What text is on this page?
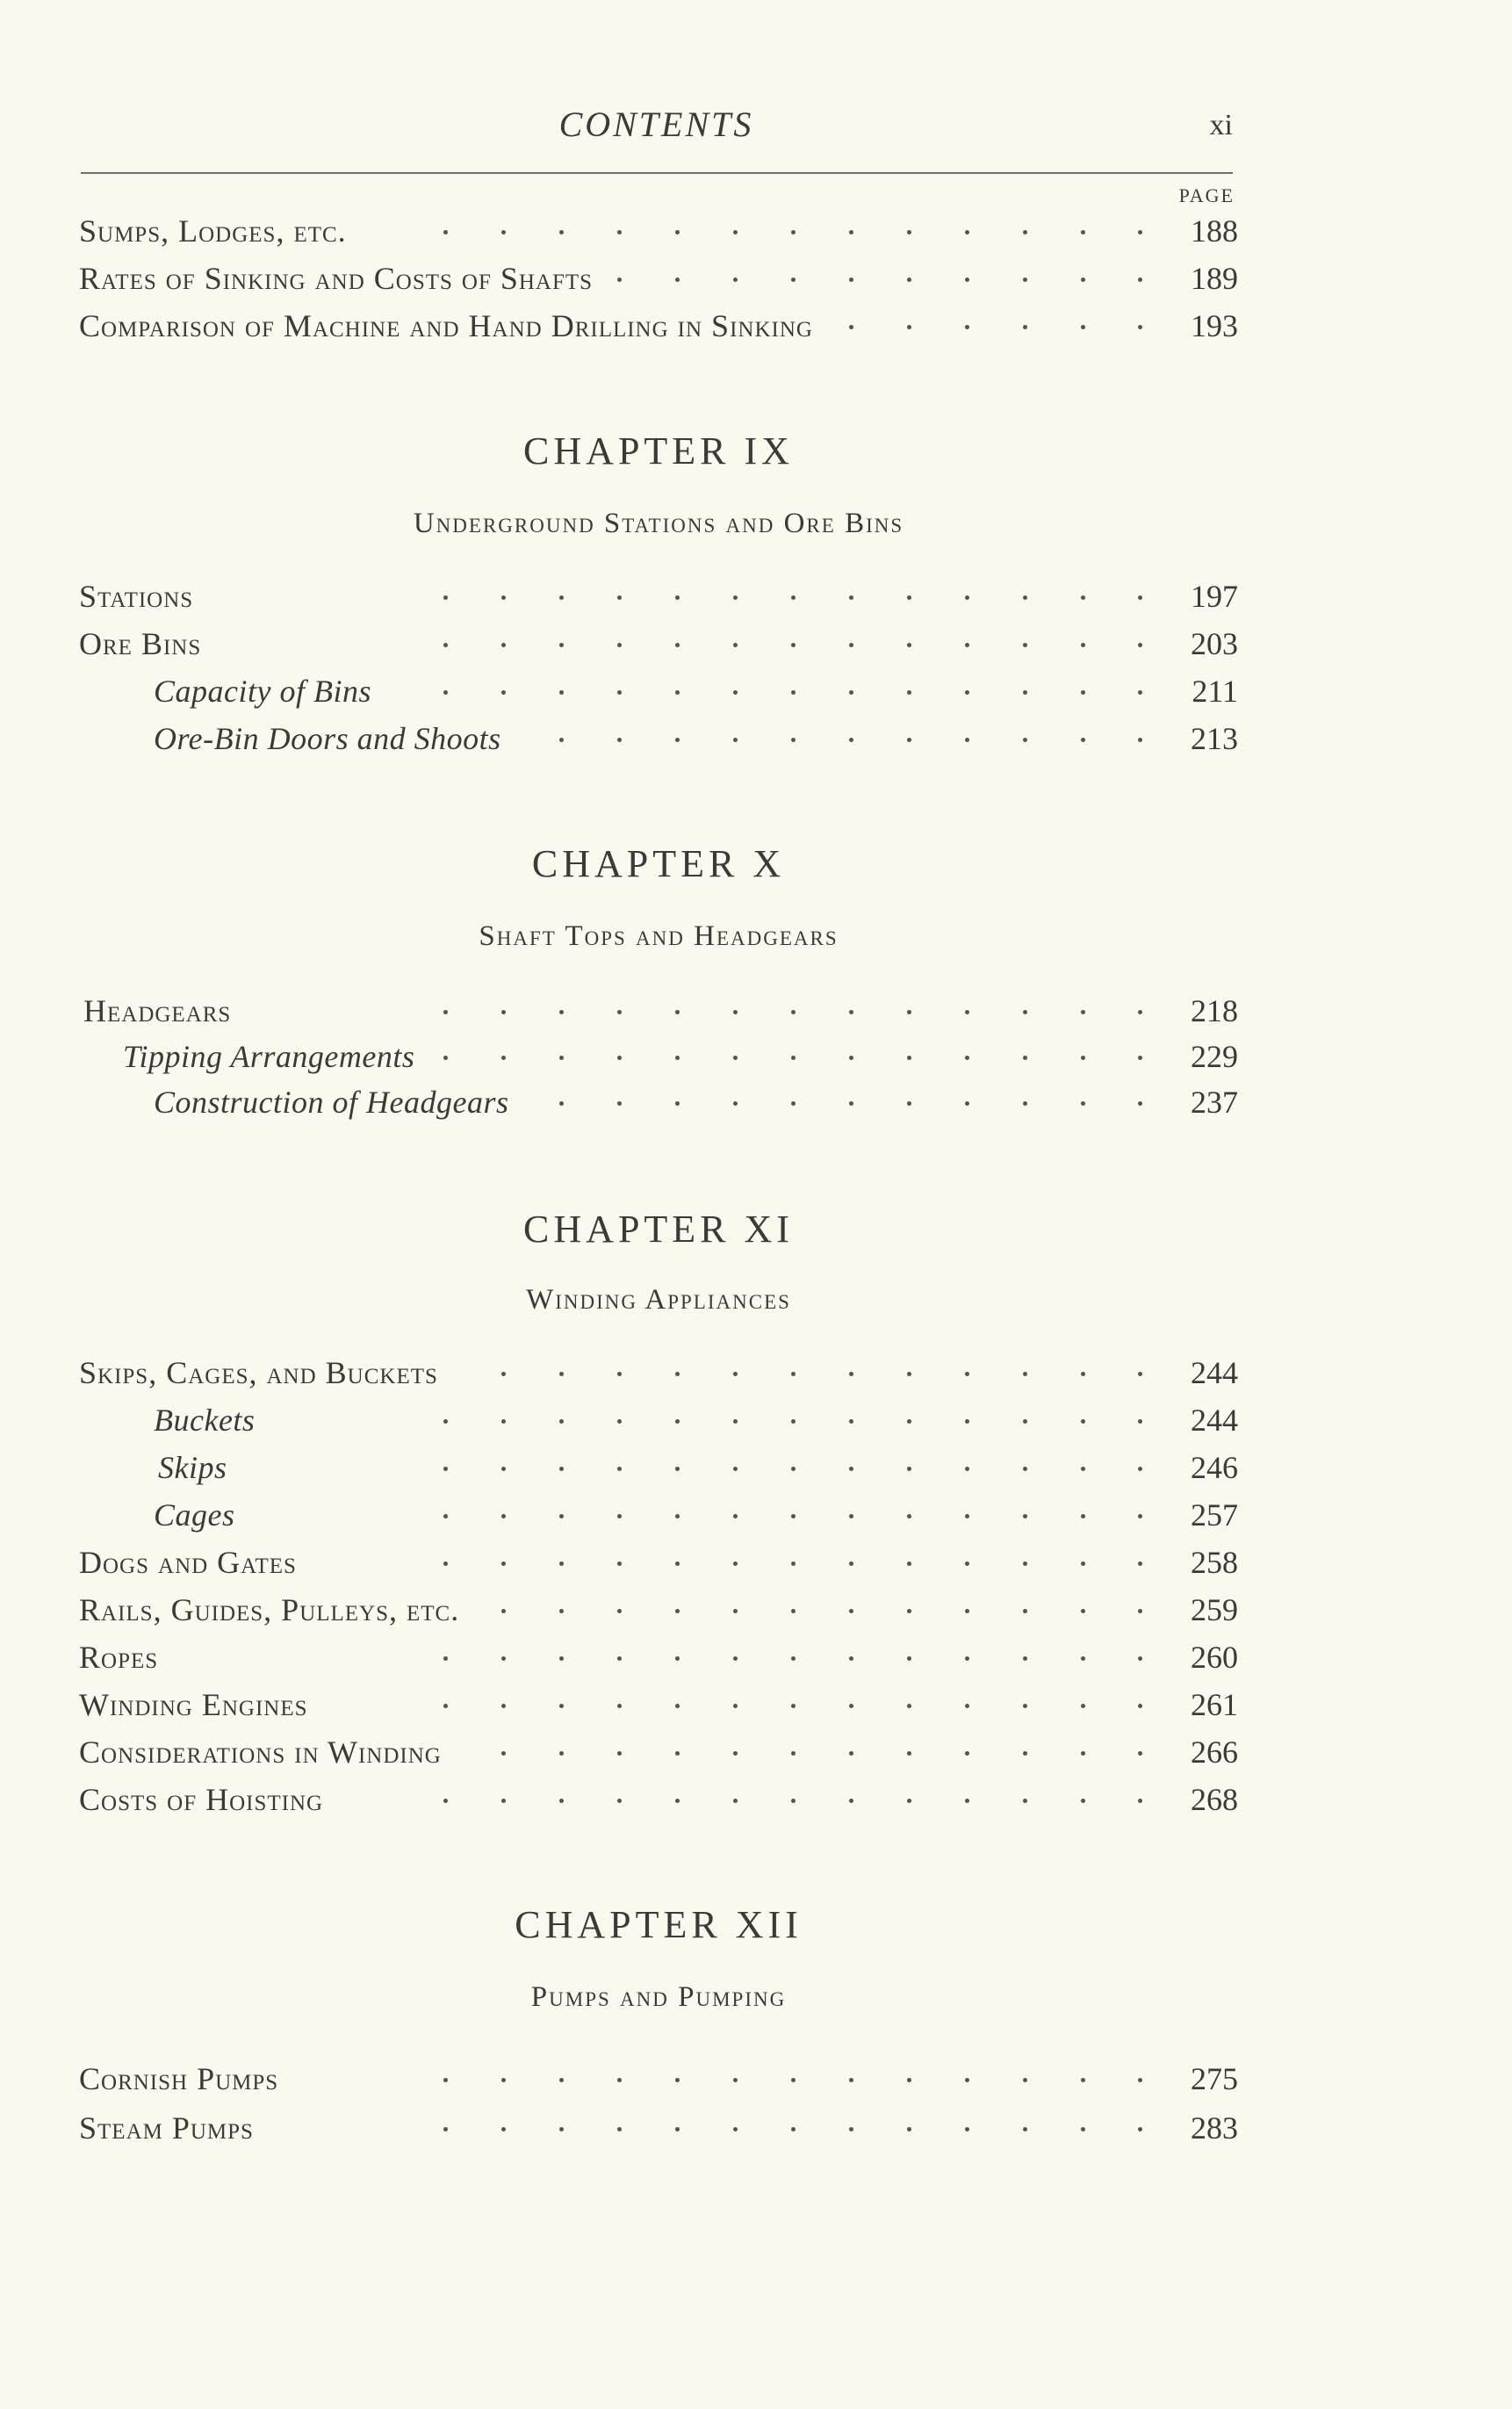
CONTENTS	xi
PAGE
Sumps, Lodges, etc.	188
Rates of Sinking and Costs of Shafts	189
Comparison of Machine and Hand Drilling in Sinking	193
CHAPTER IX
Underground Stations and Ore Bins
Stations	197
Ore Bins	203
Capacity of Bins	211
Ore-Bin Doors and Shoots	213
CHAPTER X
Shaft Tops and Headgears
Headgears	218
Tipping Arrangements	229
Construction of Headgears	237
CHAPTER XI
Winding Appliances
Skips, Cages, and Buckets	244
Buckets	244
Skips	246
Cages	257
Dogs and Gates	258
Rails, Guides, Pulleys, etc.	259
Ropes	260
Winding Engines	261
Considerations in Winding	266
Costs of Hoisting	268
CHAPTER XII
Pumps and Pumping
Cornish Pumps	275
Steam Pumps	283
